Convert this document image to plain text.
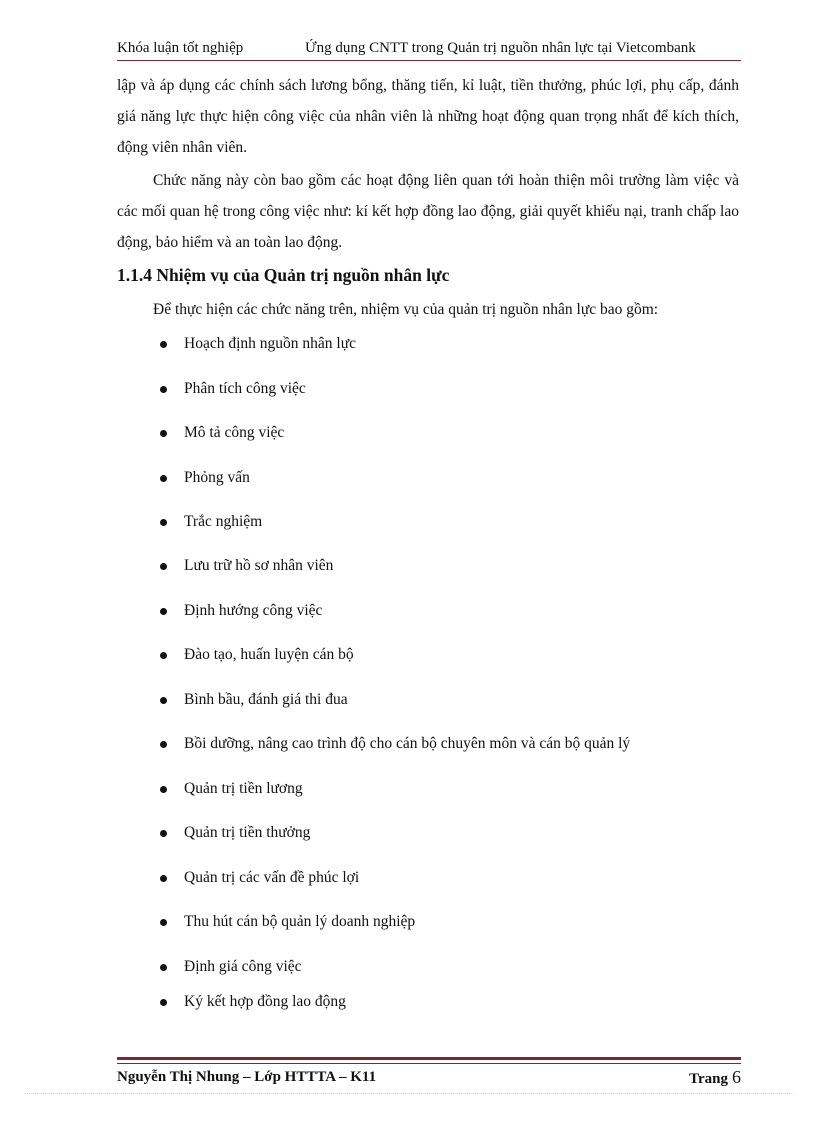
Khóa luận tốt nghiệp	Ứng dụng CNTT trong Quản trị nguồn nhân lực tại Vietcombank
lập và áp dụng các chính sách lương bổng, thăng tiến, kỉ luật, tiền thưởng, phúc lợi, phụ cấp, đánh giá năng lực thực hiện công việc của nhân viên là những hoạt động quan trọng nhất để kích thích, động viên nhân viên.
Chức năng này còn bao gồm các hoạt động liên quan tới hoàn thiện môi trường làm việc và các mối quan hệ trong công việc như: kí kết hợp đồng lao động, giải quyết khiếu nại, tranh chấp lao động, bảo hiểm và an toàn lao động.
1.1.4 Nhiệm vụ của Quản trị nguồn nhân lực
Để thực hiện các chức năng trên, nhiệm vụ của quản trị nguồn nhân lực bao gồm:
Hoạch định nguồn nhân lực
Phân tích công việc
Mô tả công việc
Phỏng vấn
Trắc nghiệm
Lưu trữ hồ sơ nhân viên
Định hướng công việc
Đào tạo, huấn luyện cán bộ
Bình bầu, đánh giá thi đua
Bồi dưỡng, nâng cao trình độ cho cán bộ chuyên môn và cán bộ quản lý
Quản trị tiền lương
Quản trị tiền thưởng
Quản trị các vấn đề phúc lợi
Thu hút cán bộ quản lý doanh nghiệp
Định giá công việc
Ký kết hợp đồng lao động
Nguyễn Thị Nhung – Lớp HTTTA – K11	Trang 6
